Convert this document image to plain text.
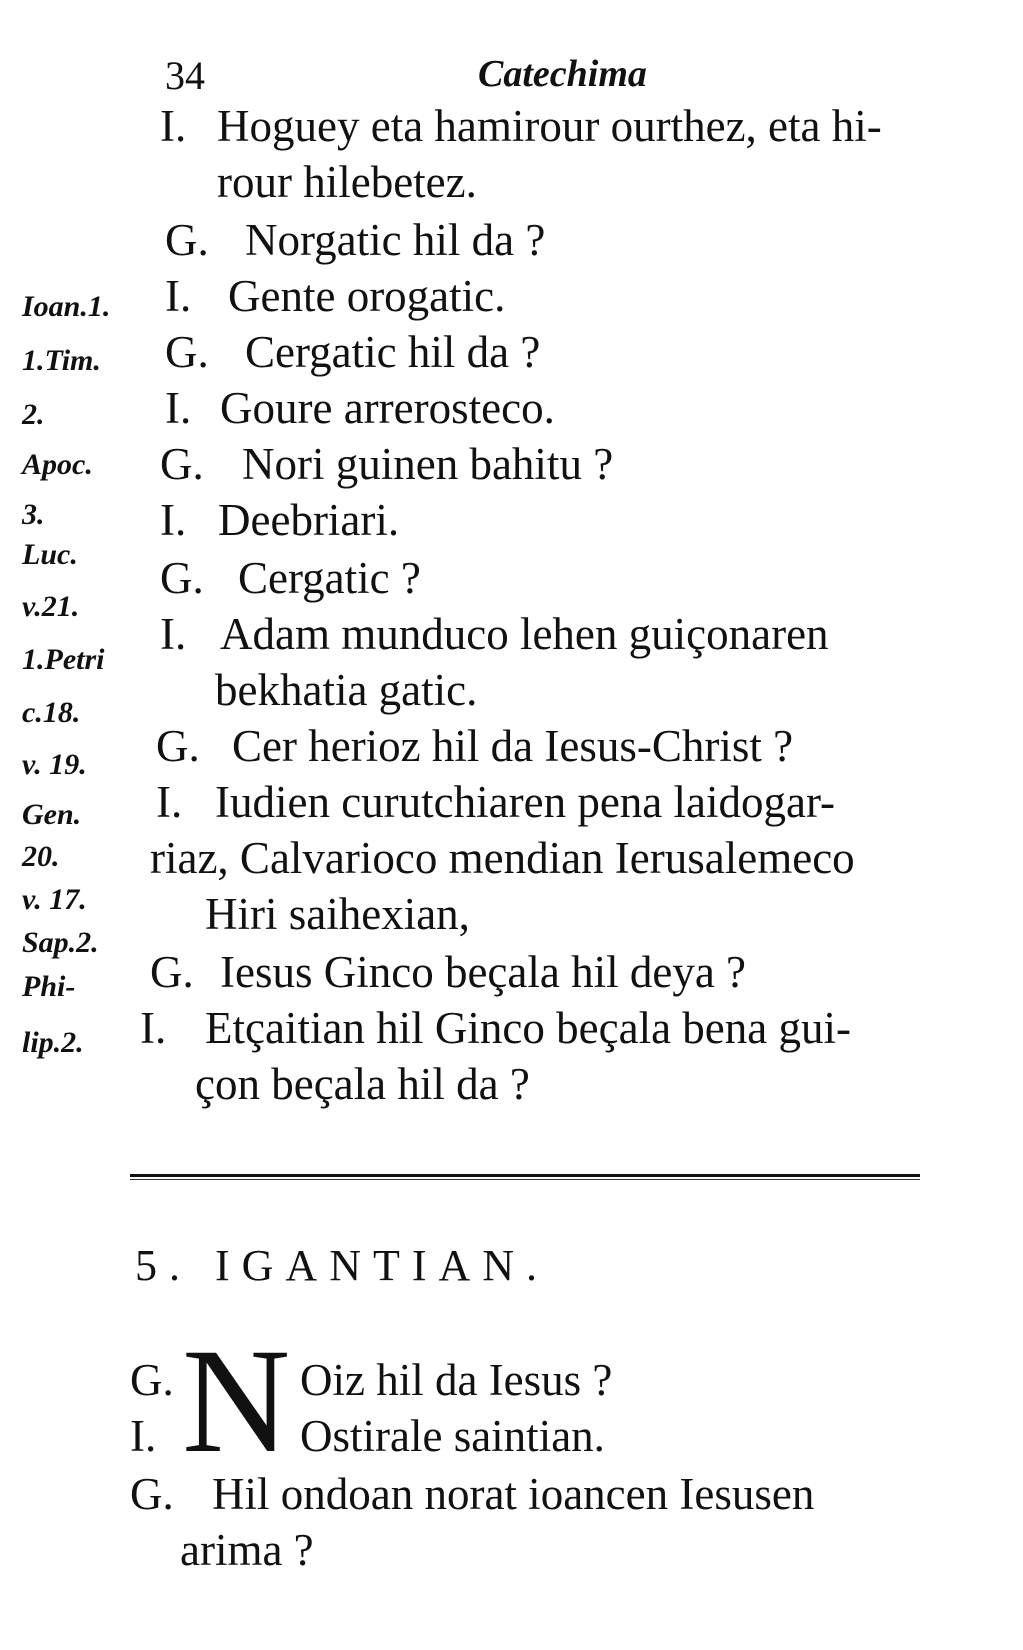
34	Catechima
Ioan.1.
1.Tim.
2.
Apoc.
3.
Luc.
v.21.
1.Petri
c.18.
v. 19.
Gen.
20.
v. 17.
Sap.2.
Phi-
lip.2.
I. Hoguey eta hamirour ourthez, eta hi-
rour hilebetez.
G. Norgatic hil da ?
I. Gente orogatic.
G. Cergatic hil da ?
I. Goure arrerosteco.
G. Nori guinen bahitu ?
I. Deebriari.
G. Cergatic ?
I. Adam munduco lehen guiçonaren
bekhatia gatic.
G. Cer herioz hil da Iesus-Christ ?
I. Iudien curutchiaren pena laidogar-
riaz, Calvarioco mendian Ierusalemeco
Hiri saihexian,
G. Iesus Ginco beçala hil deya ?
I. Etçaitian hil Ginco beçala bena gui-
çon beçala hil da ?
5. IGANTIAN.
N
G.	Oiz hil da Iesus ?
I.	Ostirale saintian.
G. Hil ondoan norat ioancen Iesusen
arima ?
